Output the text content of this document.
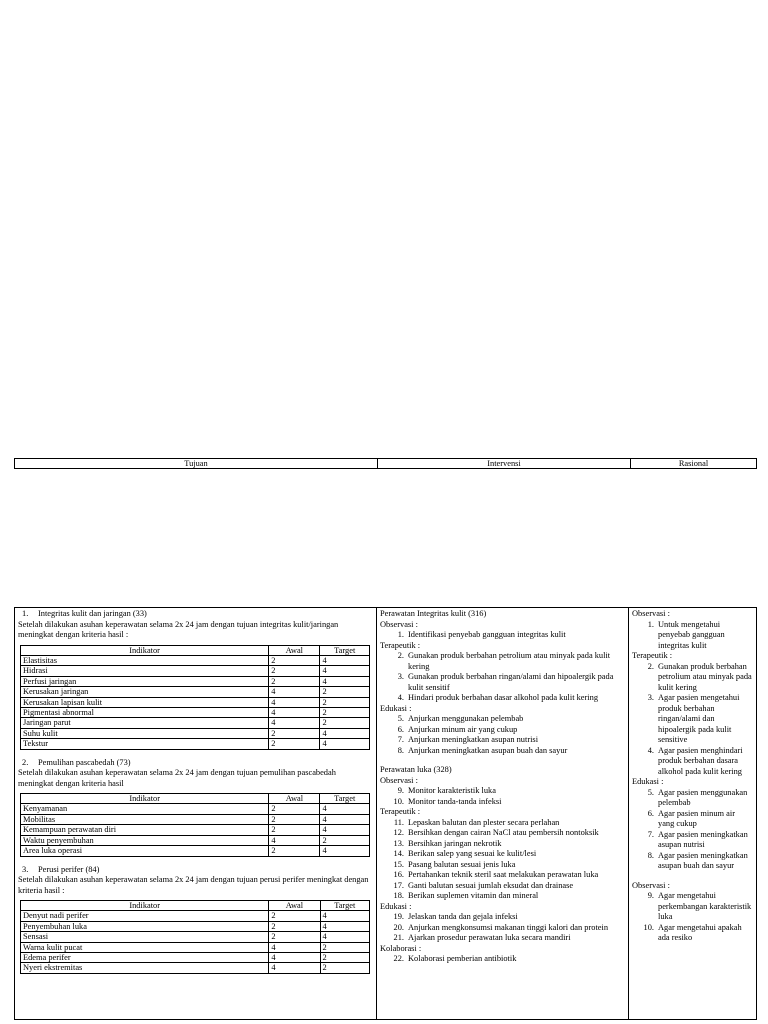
Tujuan	Intervensi	Rasional
1.	Integritas kulit dan jaringan (33)
Setelah dilakukan asuhan keperawatan selama 2x 24 jam dengan tujuan integritas kulit/jaringan meningkat dengan kriteria hasil :
Indikator	Awal	Target
Elastisitas	2	4
Hidrasi	2	4
Perfusi jaringan	2	4
Kerusakan jaringan	4	2
Kerusakan lapisan kulit	4	2
Pigmentasi abnormal	4	2
Jaringan parut	4	2
Suhu kulit	2	4
Tekstur	2	4
2.	Pemulihan pascabedah (73)
Setelah dilakukan asuhan keperawatan selama 2x 24 jam dengan tujuan pemulihan pascabedah meningkat dengan kriteria hasil
Indikator	Awal	Target
Kenyamanan	2	4
Mobilitas	2	4
Kemampuan perawatan diri	2	4
Waktu penyembuhan	4	2
Area luka operasi	2	4
3.	Perusi perifer (84)
Setelah dilakukan asuhan keperawatan selama 2x 24 jam dengan tujuan perusi perifer meningkat dengan kriteria hasil :
Indikator	Awal	Target
Denyut nadi perifer	2	4
Penyembuhan luka	2	4
Sensasi	2	4
Warna kulit pucat	4	2
Edema perifer	4	2
Nyeri ekstremitas	4	2
Perawatan Integritas kulit (316)
Observasi :
1. Identifikasi penyebab gangguan integritas kulit
Terapeutik :
2. Gunakan produk berbahan petrolium atau minyak pada kulit kering
3. Gunakan produk berbahan ringan/alami dan hipoalergik pada kulit sensitif
4. Hindari produk berbahan dasar alkohol pada kulit kering
Edukasi :
5. Anjurkan menggunakan pelembab
6. Anjurkan minum air yang cukup
7. Anjurkan meningkatkan asupan nutrisi
8. Anjurkan meningkatkan asupan buah dan sayur
Perawatan luka (328)
Observasi :
9. Monitor karakteristik luka
10. Monitor tanda-tanda infeksi
Terapeutik :
11. Lepaskan balutan dan plester secara perlahan
12. Bersihkan dengan cairan NaCl atau pembersih nontoksik
13. Bersihkan jaringan nekrotik
14. Berikan salep yang sesuai ke kulit/lesi
15. Pasang balutan sesuai jenis luka
16. Pertahankan teknik steril saat melakukan perawatan luka
17. Ganti balutan sesuai jumlah eksudat dan drainase
18. Berikan suplemen vitamin dan mineral
Edukasi :
19. Jelaskan tanda dan gejala infeksi
20. Anjurkan mengkonsumsi makanan tinggi kalori dan protein
21. Ajarkan prosedur perawatan luka secara mandiri
Kolaborasi :
22. Kolaborasi pemberian antibiotik
Observasi :
1. Untuk mengetahui penyebab gangguan integritas kulit
Terapeutik :
2. Gunakan produk berbahan petrolium atau minyak pada kulit kering
3. Agar pasien mengetahui produk berbahan ringan/alami dan hipoalergik pada kulit sensitive
4. Agar pasien menghindari produk berbahan dasara alkohol pada kulit kering
Edukasi :
5. Agar pasien menggunakan pelembab
6. Agar pasien minum air yang cukup
7. Agar pasien meningkatkan asupan nutrisi
8. Agar pasien meningkatkan asupan buah dan sayur
Observasi :
9. Agar mengetahui perkembangan karakteristik luka
10. Agar mengetahui apakah ada resiko
